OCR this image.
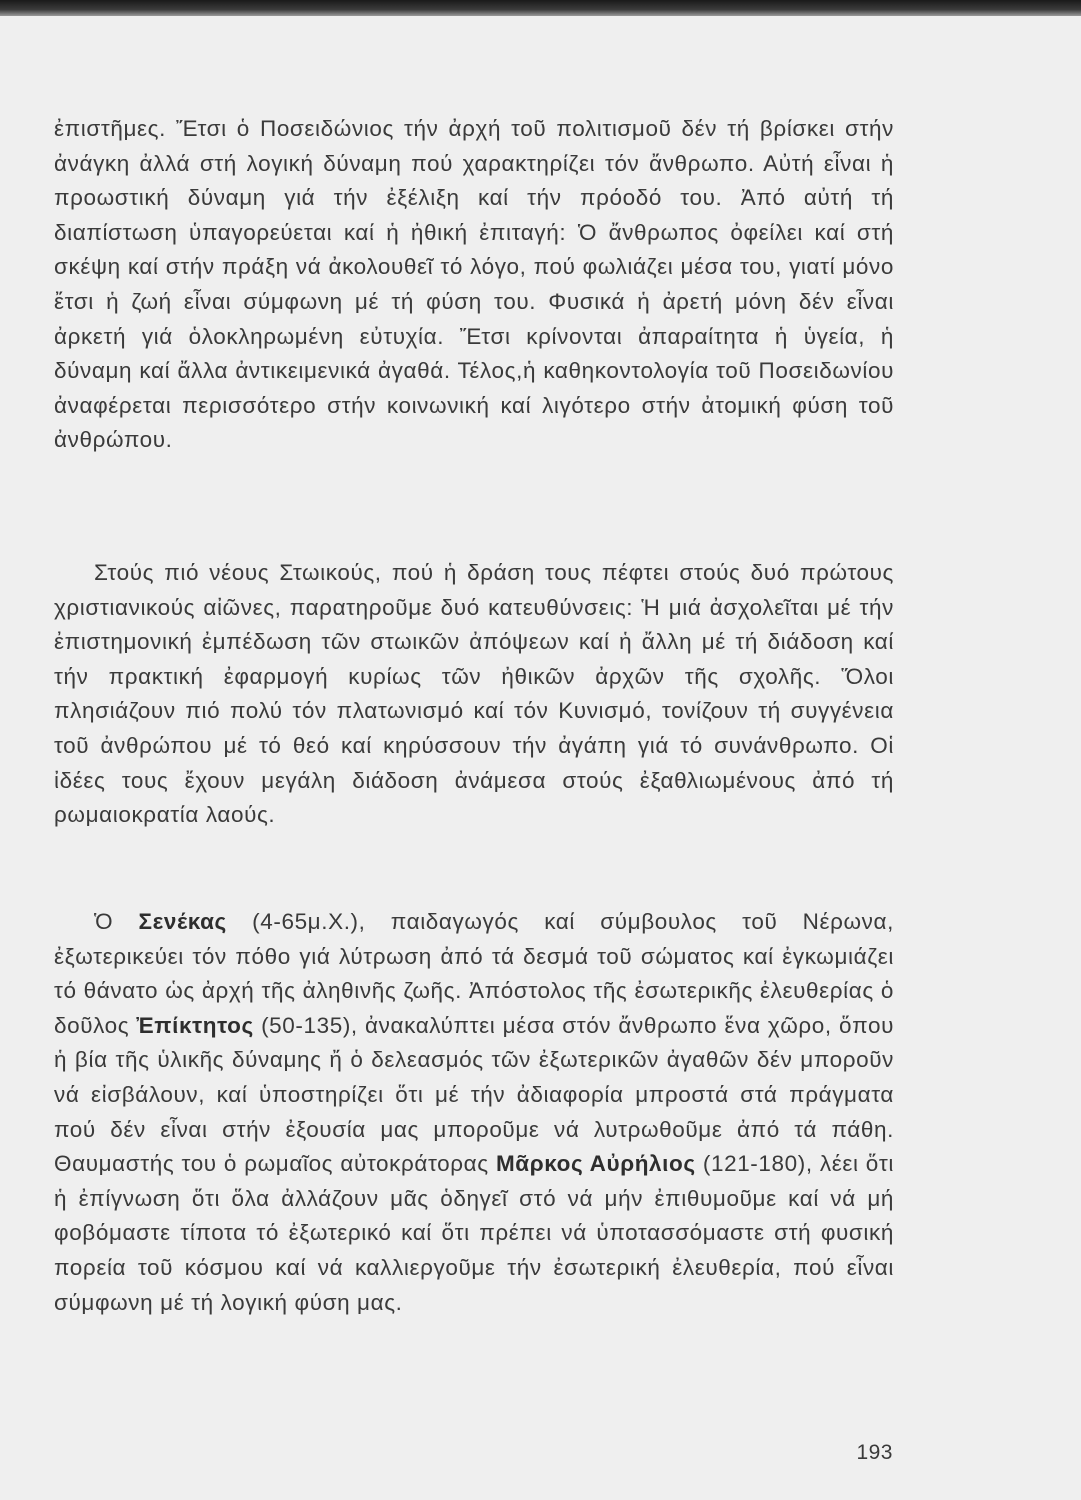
ἐπιστῆμες. Ἔτσι ὁ Ποσειδώνιος τήν ἀρχή τοῦ πολιτισμοῦ δέν τή βρίσκει στήν ἀνάγκη ἀλλά στή λογική δύναμη πού χαρακτηρίζει τόν ἄνθρωπο. Αὐτή εἶναι ἡ προωστική δύναμη γιά τήν ἐξέλιξη καί τήν πρόοδό του. Ἀπό αὐτή τή διαπίστωση ὑπαγορεύεται καί ἡ ἠθική ἐπιταγή: Ὁ ἄνθρωπος ὀφείλει καί στή σκέψη καί στήν πράξη νά ἀκολουθεῖ τό λόγο, πού φωλιάζει μέσα του, γιατί μόνο ἔτσι ἡ ζωή εἶναι σύμφωνη μέ τή φύση του. Φυσικά ἡ ἀρετή μόνη δέν εἶναι ἀρκετή γιά ὁλοκληρωμένη εὐτυχία. Ἔτσι κρίνονται ἀπαραίτητα ἡ ὑγεία, ἡ δύναμη καί ἄλλα ἀντικειμενικά ἀγαθά. Τέλος,ἡ καθηκοντολογία τοῦ Ποσειδωνίου ἀναφέρεται περισσότερο στήν κοινωνική καί λιγότερο στήν ἀτομική φύση τοῦ ἀνθρώπου.

Στούς πιό νέους Στωικούς, πού ἡ δράση τους πέφτει στούς δυό πρώτους χριστιανικούς αἰῶνες, παρατηροῦμε δυό κατευθύνσεις: Ἡ μιά ἀσχολεῖται μέ τήν ἐπιστημονική ἐμπέδωση τῶν στωικῶν ἀπόψεων καί ἡ ἄλλη μέ τή διάδοση καί τήν πρακτική ἐφαρμογή κυρίως τῶν ἠθικῶν ἀρχῶν τῆς σχολῆς. Ὅλοι πλησιάζουν πιό πολύ τόν πλατωνισμό καί τόν Κυνισμό, τονίζουν τή συγγένεια τοῦ ἀνθρώπου μέ τό θεό καί κηρύσσουν τήν ἀγάπη γιά τό συνάνθρωπο. Οἱ ἰδέες τους ἔχουν μεγάλη διάδοση ἀνάμεσα στούς ἐξαθλιωμένους ἀπό τή ρωμαιοκρατία λαούς.

Ὁ Σενέκας (4-65μ.Χ.), παιδαγωγός καί σύμβουλος τοῦ Νέρωνα, ἐξωτερικεύει τόν πόθο γιά λύτρωση ἀπό τά δεσμά τοῦ σώματος καί ἐγκωμιάζει τό θάνατο ὡς ἀρχή τῆς ἀληθινῆς ζωῆς. Ἀπόστολος τῆς ἐσωτερικῆς ἐλευθερίας ὁ δοῦλος Ἐπίκτητος (50-135), ἀνακαλύπτει μέσα στόν ἄνθρωπο ἕνα χῶρο, ὅπου ἡ βία τῆς ὑλικῆς δύναμης ἤ ὁ δελεασμός τῶν ἐξωτερικῶν ἀγαθῶν δέν μποροῦν νά εἰσβάλουν, καί ὑποστηρίζει ὅτι μέ τήν ἀδιαφορία μπροστά στά πράγματα πού δέν εἶναι στήν ἐξουσία μας μποροῦμε νά λυτρωθοῦμε ἀπό τά πάθη. Θαυμαστής του ὁ ρωμαῖος αὐτοκράτορας Μᾶρκος Αὐρήλιος (121-180), λέει ὅτι ἡ ἐπίγνωση ὅτι ὅλα ἀλλάζουν μᾶς ὁδηγεῖ στό νά μήν ἐπιθυμοῦμε καί νά μή φοβόμαστε τίποτα τό ἐξωτερικό καί ὅτι πρέπει νά ὑποτασσόμαστε στή φυσική πορεία τοῦ κόσμου καί νά καλλιεργοῦμε τήν ἐσωτερική ἐλευθερία, πού εἶναι σύμφωνη μέ τή λογική φύση μας.

193
